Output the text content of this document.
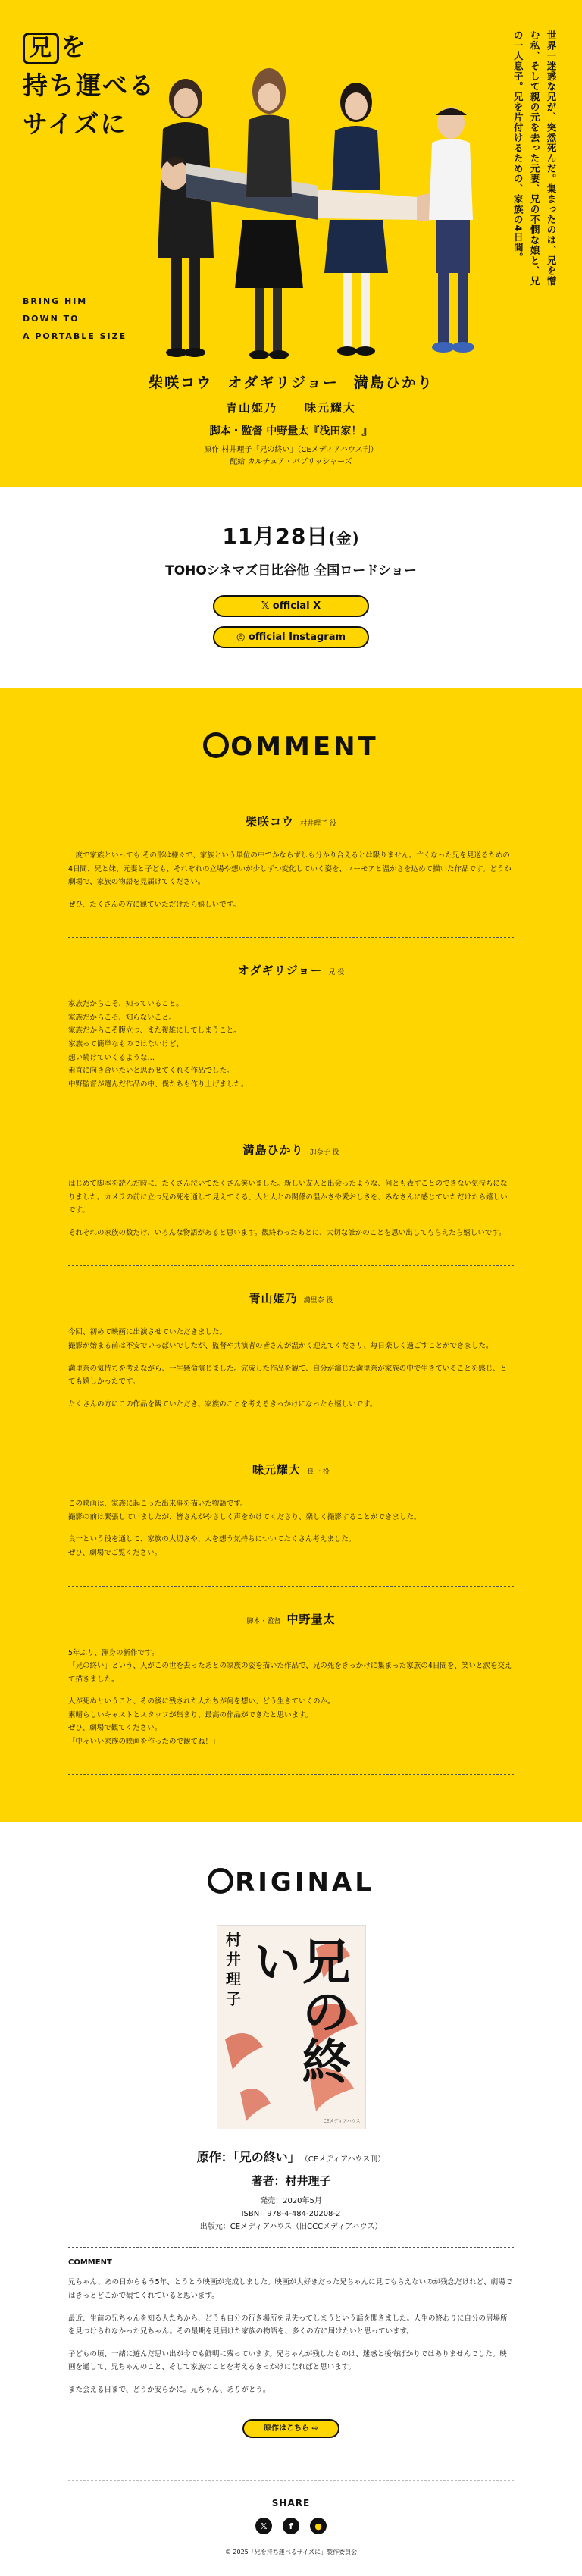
兄 を
持ち運べる
サイズに	世界一迷惑な兄が、突然死んだ。集まったのは、兄を憎む私、そして親の元を去った元妻、兄の不憫な娘と、兄の一人息子。兄を片付けるための、家族の4日間。
BRING HIM
DOWN TO
A PORTABLE SIZE
柴咲コウ オダギリジョー 満島ひかり
青山姫乃 味元耀大
脚本・監督 中野量太『浅田家！』
原作 村井理子「兄の終い」（CEメディアハウス刊）
配給 カルチュア・パブリッシャーズ
11月28日(金)
TOHOシネマズ日比谷他 全国ロードショー
𝕏 official X
◎ official Instagram
OMMENT
柴咲コウ 村井理子 役

一度で家族といっても その形は様々で、家族という単位の中でかならずしも分かり合えるとは限りません。亡くなった兄を見送るための4日間、兄と妹、元妻と子ども、それぞれの立場や想いが少しずつ変化していく姿を、ユーモアと温かさを込めて描いた作品です。どうか劇場で、家族の物語を見届けてください。

ぜひ、たくさんの方に観ていただけたら嬉しいです。

オダギリジョー 兄 役

家族だからこそ、知っていること。

家族だからこそ、知らないこと。

家族だからこそ腹立つ、また複雑にしてしまうこと。

家族って簡単なものではないけど、

想い続けていくるような…

素直に向き合いたいと思わせてくれる作品でした。

中野監督が選んだ作品の中、僕たちも作り上げました。

満島ひかり 加奈子 役

はじめて脚本を読んだ時に、たくさん泣いてたくさん笑いました。新しい友人と出会ったような、何とも表すことのできない気持ちになりました。カメラの前に立つ兄の死を通して見えてくる、人と人との関係の温かさや愛おしさを、みなさんに感じていただけたら嬉しいです。

それぞれの家族の数だけ、いろんな物語があると思います。観終わったあとに、大切な誰かのことを思い出してもらえたら嬉しいです。

青山姫乃 満里奈 役

今回、初めて映画に出演させていただきました。

撮影が始まる前は不安でいっぱいでしたが、監督や共演者の皆さんが温かく迎えてくださり、毎日楽しく過ごすことができました。

満里奈の気持ちを考えながら、一生懸命演じました。完成した作品を観て、自分が演じた満里奈が家族の中で生きていることを感じ、とても嬉しかったです。

たくさんの方にこの作品を観ていただき、家族のことを考えるきっかけになったら嬉しいです。

味元耀大 良一 役

この映画は、家族に起こった出来事を描いた物語です。

撮影の前は緊張していましたが、皆さんがやさしく声をかけてくださり、楽しく撮影することができました。

良一という役を通して、家族の大切さや、人を想う気持ちについてたくさん考えました。

ぜひ、劇場でご覧ください。

脚本・監督 中野量太

5年ぶり、渾身の新作です。

「兄の終い」という、人がこの世を去ったあとの家族の姿を描いた作品で、兄の死をきっかけに集まった家族の4日間を、笑いと涙を交えて描きました。

人が死ぬということ、その後に残された人たちが何を想い、どう生きていくのか。

素晴らしいキャストとスタッフが集まり、最高の作品ができたと思います。

ぜひ、劇場で観てください。

「中々いい家族の映画を作ったので観てね！」

RIGINAL
村井理子	兄の終い
CEメディアハウス
原作：「兄の終い」 （CEメディアハウス刊）
著者：村井理子
発売：2020年5月
ISBN：978-4-484-20208-2
出版元：CEメディアハウス（旧CCCメディアハウス）
COMMENT

兄ちゃん、あの日からもう5年、とうとう映画が完成しました。映画が大好きだった兄ちゃんに見てもらえないのが残念だけれど、劇場ではきっとどこかで観てくれていると思います。

最近、生前の兄ちゃんを知る人たちから、どうも自分の行き場所を見失ってしまうという話を聞きました。人生の終わりに自分の居場所を見つけられなかった兄ちゃん。その最期を見届けた家族の物語を、多くの方に届けたいと思っています。

子どもの頃、一緒に遊んだ思い出が今でも鮮明に残っています。兄ちゃんが残したものは、迷惑と後悔ばかりではありませんでした。映画を通して、兄ちゃんのこと、そして家族のことを考えるきっかけになればと思います。

また会える日まで、どうか安らかに。兄ちゃん、ありがとう。

原作はこちら ⇨
SHARE
𝕏	f	●
© 2025「兄を持ち運べるサイズに」製作委員会
